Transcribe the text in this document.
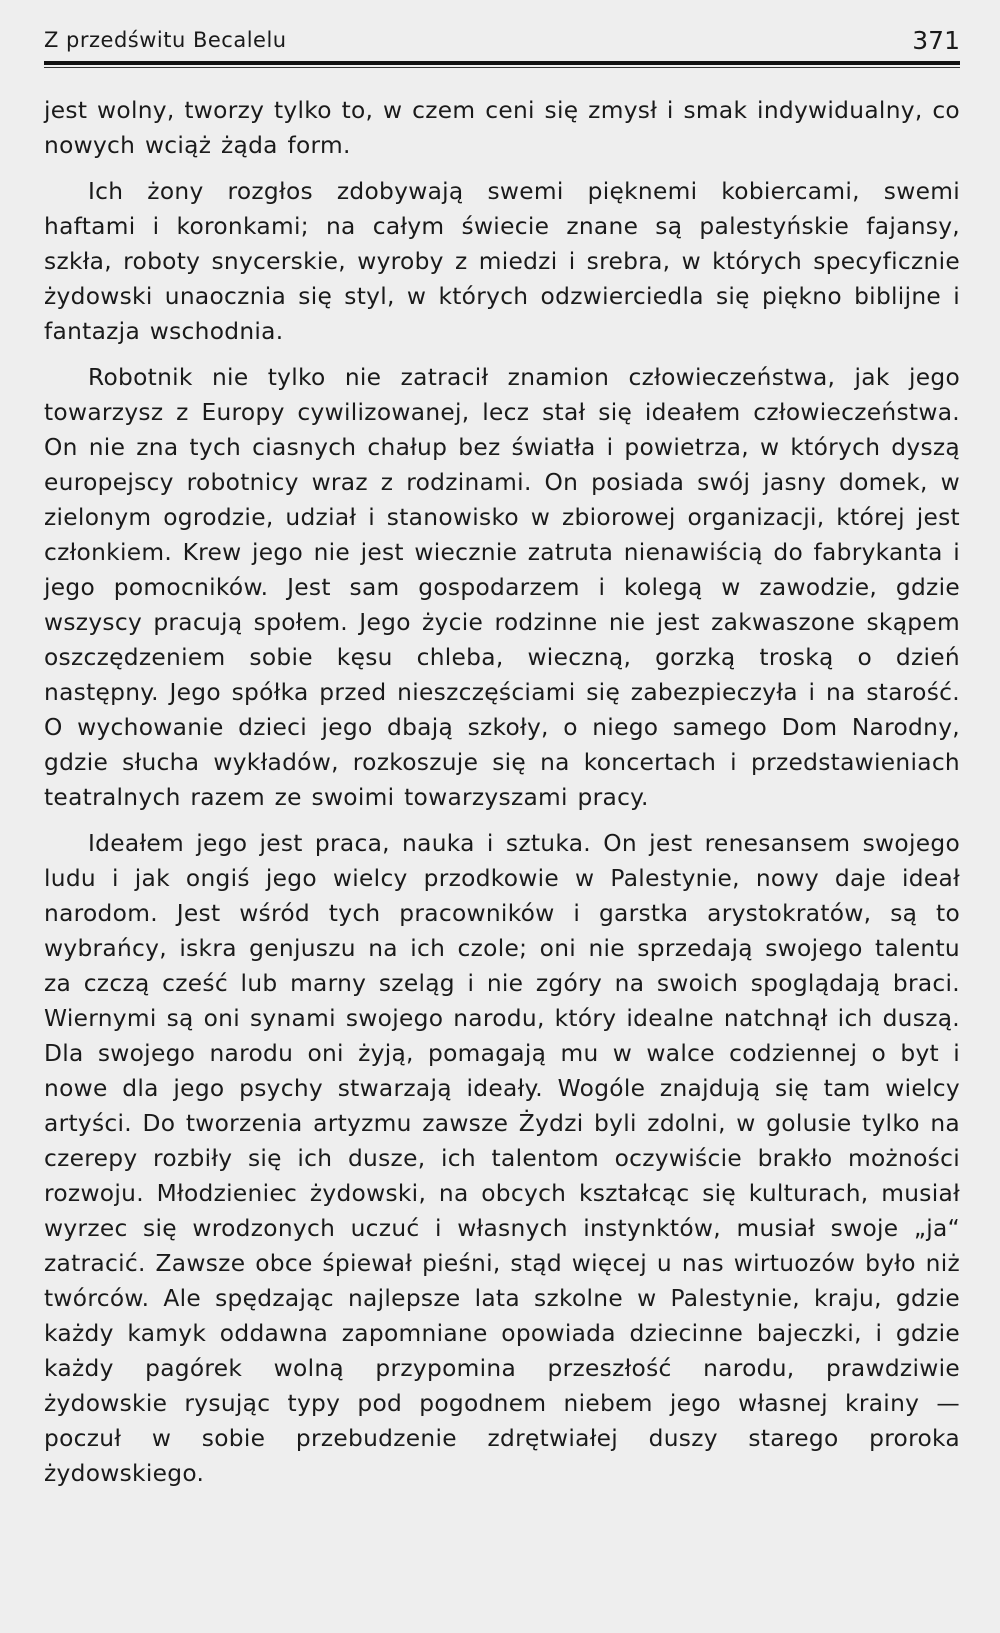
Z przedświtu Becalelu	371

jest wolny, tworzy tylko to, w czem ceni się zmysł i smak indywidualny, co nowych wciąż żąda form.

Ich żony rozgłos zdobywają swemi pięknemi kobiercami, swemi haftami i koronkami; na całym świecie znane są palestyńskie fajansy, szkła, roboty snycerskie, wyroby z miedzi i srebra, w których specyficznie żydowski unaocznia się styl, w których odzwierciedla się piękno biblijne i fantazja wschodnia.

Robotnik nie tylko nie zatracił znamion człowieczeństwa, jak jego towarzysz z Europy cywilizowanej, lecz stał się ideałem człowieczeństwa. On nie zna tych ciasnych chałup bez światła i powietrza, w których dyszą europejscy robotnicy wraz z rodzinami. On posiada swój jasny domek, w zielonym ogrodzie, udział i stanowisko w zbiorowej organizacji, której jest członkiem. Krew jego nie jest wiecznie zatruta nienawiścią do fabrykanta i jego pomocników. Jest sam gospodarzem i kolegą w zawodzie, gdzie wszyscy pracują społem. Jego życie rodzinne nie jest zakwaszone skąpem oszczędzeniem sobie kęsu chleba, wieczną, gorzką troską o dzień następny. Jego spółka przed nieszczęściami się zabezpieczyła i na starość. O wychowanie dzieci jego dbają szkoły, o niego samego Dom Narodny, gdzie słucha wykładów, rozkoszuje się na koncertach i przedstawieniach teatralnych razem ze swoimi towarzyszami pracy.

Ideałem jego jest praca, nauka i sztuka. On jest renesansem swojego ludu i jak ongiś jego wielcy przodkowie w Palestynie, nowy daje ideał narodom. Jest wśród tych pracowników i garstka arystokratów, są to wybrańcy, iskra genjuszu na ich czole; oni nie sprzedają swojego talentu za czczą cześć lub marny szeląg i nie zgóry na swoich spoglądają braci. Wiernymi są oni synami swojego narodu, który idealne natchnął ich duszą. Dla swojego narodu oni żyją, pomagają mu w walce codziennej o byt i nowe dla jego psychy stwarzają ideały. Wogóle znajdują się tam wielcy artyści. Do tworzenia artyzmu zawsze Żydzi byli zdolni, w golusie tylko na czerepy rozbiły się ich dusze, ich talentom oczywiście brakło możności rozwoju. Młodzieniec żydowski, na obcych kształcąc się kulturach, musiał wyrzec się wrodzonych uczuć i własnych instynktów, musiał swoje „ja“ zatracić. Zawsze obce śpiewał pieśni, stąd więcej u nas wirtuozów było niż twórców. Ale spędzając najlepsze lata szkolne w Palestynie, kraju, gdzie każdy kamyk oddawna zapomniane opowiada dziecinne bajeczki, i gdzie każdy pagórek wolną przypomina przeszłość narodu, prawdziwie żydowskie rysując typy pod pogodnem niebem jego własnej krainy — poczuł w sobie przebudzenie zdrętwiałej duszy starego proroka żydowskiego.
